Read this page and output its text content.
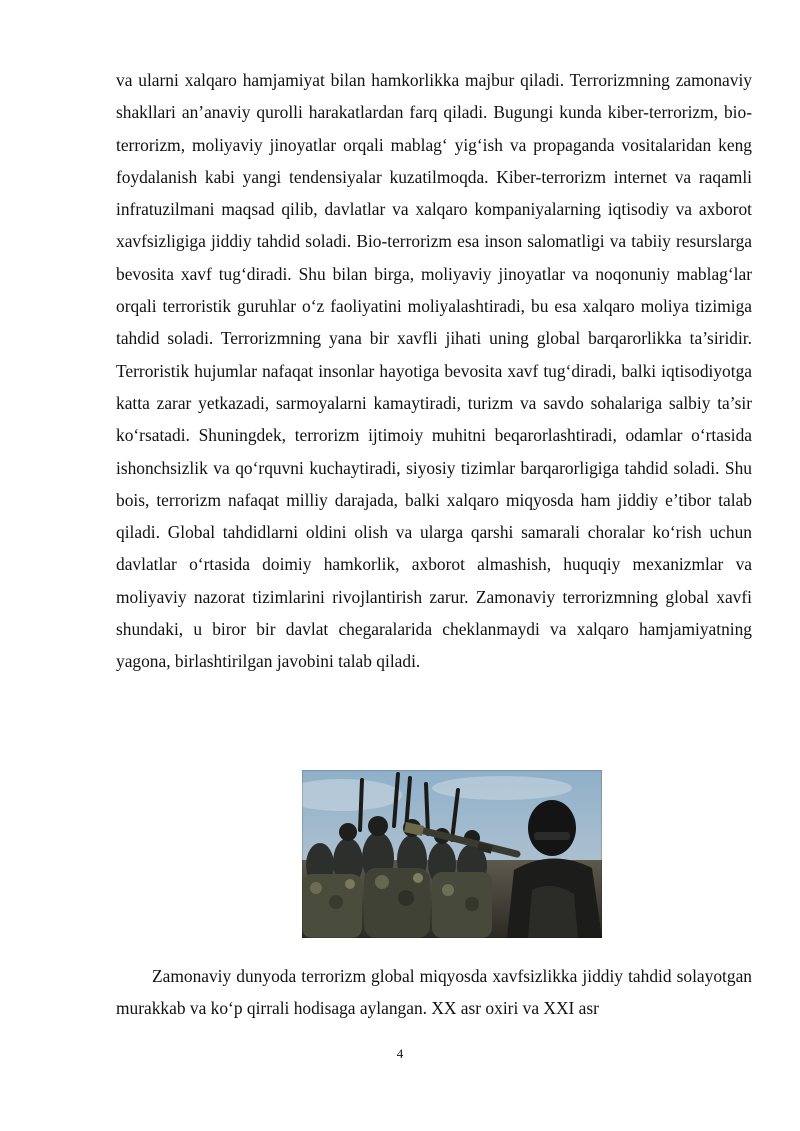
va ularni xalqaro hamjamiyat bilan hamkorlikka majbur qiladi. Terrorizmning zamonaviy shakllari an’anaviy qurolli harakatlardan farq qiladi. Bugungi kunda kiber-terrorizm, bio-terrorizm, moliyaviy jinoyatlar orqali mablag‘ yig‘ish va propaganda vositalaridan keng foydalanish kabi yangi tendensiyalar kuzatilmoqda. Kiber-terrorizm internet va raqamli infratuzilmani maqsad qilib, davlatlar va xalqaro kompaniyalarning iqtisodiy va axborot xavfsizligiga jiddiy tahdid soladi. Bio-terrorizm esa inson salomatligi va tabiiy resurslarga bevosita xavf tug‘diradi. Shu bilan birga, moliyaviy jinoyatlar va noqonuniy mablag‘lar orqali terroristik guruhlar o‘z faoliyatini moliyalashtiradi, bu esa xalqaro moliya tizimiga tahdid soladi. Terrorizmning yana bir xavfli jihati uning global barqarorlikka ta’siridir. Terroristik hujumlar nafaqat insonlar hayotiga bevosita xavf tug‘diradi, balki iqtisodiyotga katta zarar yetkazadi, sarmoyalarni kamaytiradi, turizm va savdo sohalariga salbiy ta’sir ko‘rsatadi. Shuningdek, terrorizm ijtimoiy muhitni beqarorlashtiradi, odamlar o‘rtasida ishonchsizlik va qo‘rquvni kuchaytiradi, siyosiy tizimlar barqarorligiga tahdid soladi. Shu bois, terrorizm nafaqat milliy darajada, balki xalqaro miqyosda ham jiddiy e’tibor talab qiladi. Global tahdidlarni oldini olish va ularga qarshi samarali choralar ko‘rish uchun davlatlar o‘rtasida doimiy hamkorlik, axborot almashish, huquqiy mexanizmlar va moliyaviy nazorat tizimlarini rivojlantirish zarur. Zamonaviy terrorizmning global xavfi shundaki, u biror bir davlat chegaralarida cheklanmaydi va xalqaro hamjamiyatning yagona, birlashtirilgan javobini talab qiladi.

Zamonaviy dunyoda terrorizm global miqyosda xavfsizlikka jiddiy tahdid solayotgan murakkab va ko‘p qirrali hodisaga aylangan. XX asr oxiri va XXI asr

4
